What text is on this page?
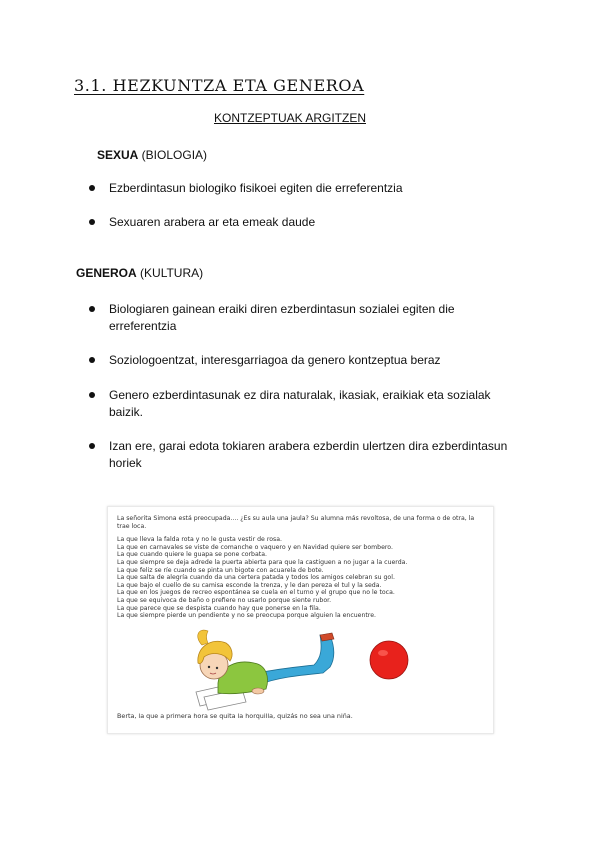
3.1. HEZKUNTZA ETA GENEROA
KONTZEPTUAK ARGITZEN
SEXUA (BIOLOGIA)
Ezberdintasun biologiko fisikoei egiten die erreferentzia
Sexuaren arabera ar eta emeak daude
GENEROA (KULTURA)
Biologiaren gainean eraiki diren ezberdintasun sozialei egiten die erreferentzia
Soziologoentzat, interesgarriagoa da genero kontzeptua beraz
Genero ezberdintasunak ez dira naturalak, ikasiak, eraikiak eta sozialak baizik.
Izan ere, garai edota tokiaren arabera ezberdin ulertzen dira ezberdintasun horiek
La señorita Simona está preocupada.... ¿Es su aula una jaula? Su alumna más revoltosa, de una forma o de otra, la trae loca.
La que lleva la falda rota y no le gusta vestir de rosa.
La que en carnavales se viste de comanche o vaquero y en Navidad quiere ser bombero.
La que cuando quiere le guapa se pone corbata.
La que siempre se deja adrede la puerta abierta para que la castiguen a no jugar a la cuerda.
La que feliz se ríe cuando se pinta un bigote con acuarela de bote.
La que salta de alegría cuando da una certera patada y todos los amigos celebran su gol.
La que bajo el cuello de su camisa esconde la trenza, y le dan pereza el tul y la seda.
La que en los juegos de recreo espontánea se cuela en el turno y el grupo que no le toca.
La que se equivoca de baño o prefiere no usarlo porque siente rubor.
La que parece que se despista cuando hay que ponerse en la fila.
La que siempre pierde un pendiente y no se preocupa porque alguien la encuentre.
Berta, la que a primera hora se quita la horquilla, quizás no sea una niña.
